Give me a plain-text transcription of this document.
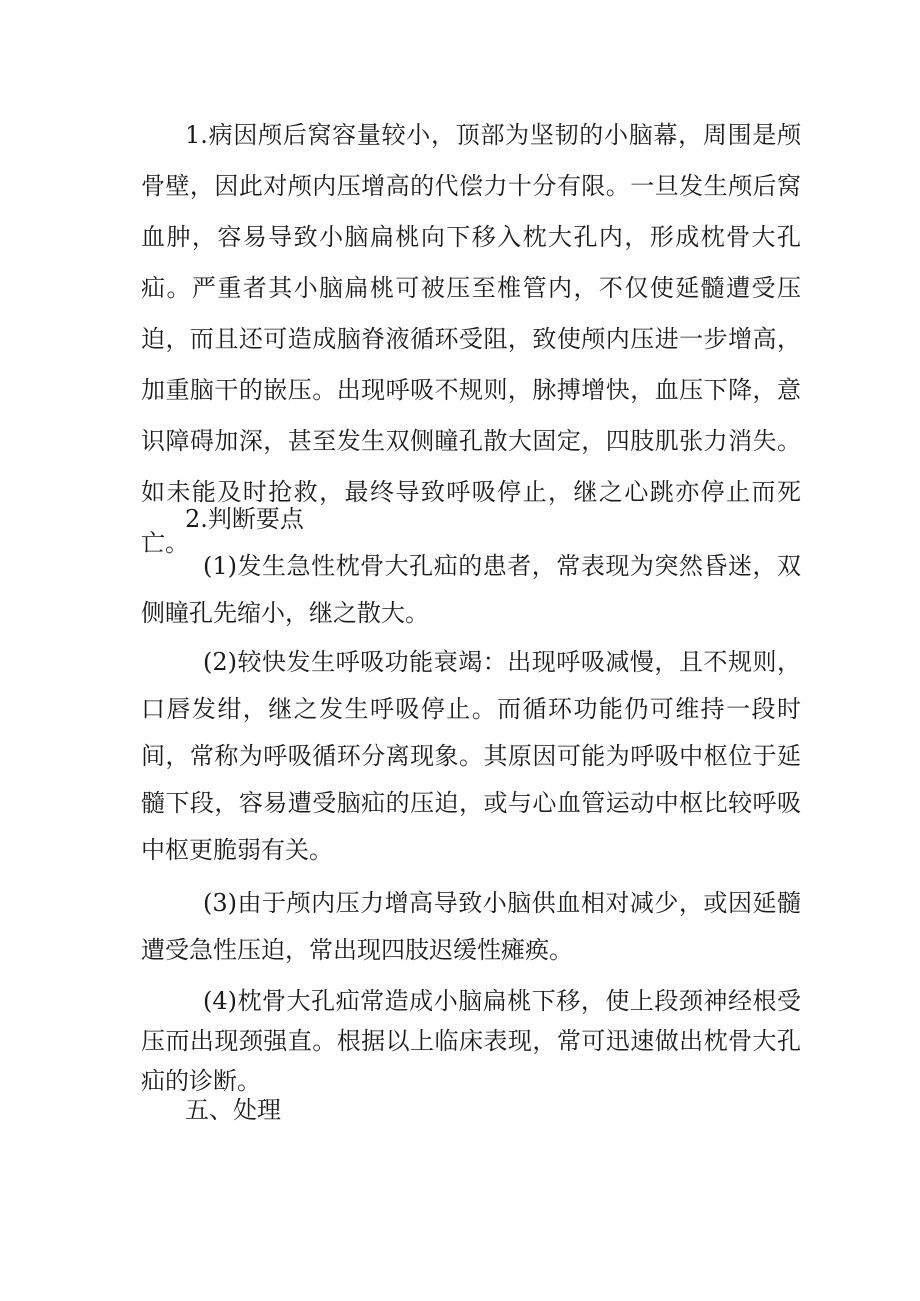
1.病因颅后窝容量较小，顶部为坚韧的小脑幕，周围是颅骨壁，因此对颅内压增高的代偿力十分有限。一旦发生颅后窝血肿，容易导致小脑扁桃向下移入枕大孔内，形成枕骨大孔疝。严重者其小脑扁桃可被压至椎管内，不仅使延髓遭受压迫，而且还可造成脑脊液循环受阻，致使颅内压进一步增高，加重脑干的嵌压。出现呼吸不规则，脉搏增快，血压下降，意识障碍加深，甚至发生双侧瞳孔散大固定，四肢肌张力消失。如未能及时抢救，最终导致呼吸停止，继之心跳亦停止而死亡。

2.判断要点

(1)发生急性枕骨大孔疝的患者，常表现为突然昏迷，双侧瞳孔先缩小，继之散大。

(2)较快发生呼吸功能衰竭：出现呼吸减慢，且不规则，口唇发绀，继之发生呼吸停止。而循环功能仍可维持一段时间，常称为呼吸循环分离现象。其原因可能为呼吸中枢位于延髓下段，容易遭受脑疝的压迫，或与心血管运动中枢比较呼吸中枢更脆弱有关。

(3)由于颅内压力增高导致小脑供血相对减少，或因延髓遭受急性压迫，常出现四肢迟缓性瘫痪。

(4)枕骨大孔疝常造成小脑扁桃下移，使上段颈神经根受压而出现颈强直。根据以上临床表现，常可迅速做出枕骨大孔疝的诊断。

五、处理
